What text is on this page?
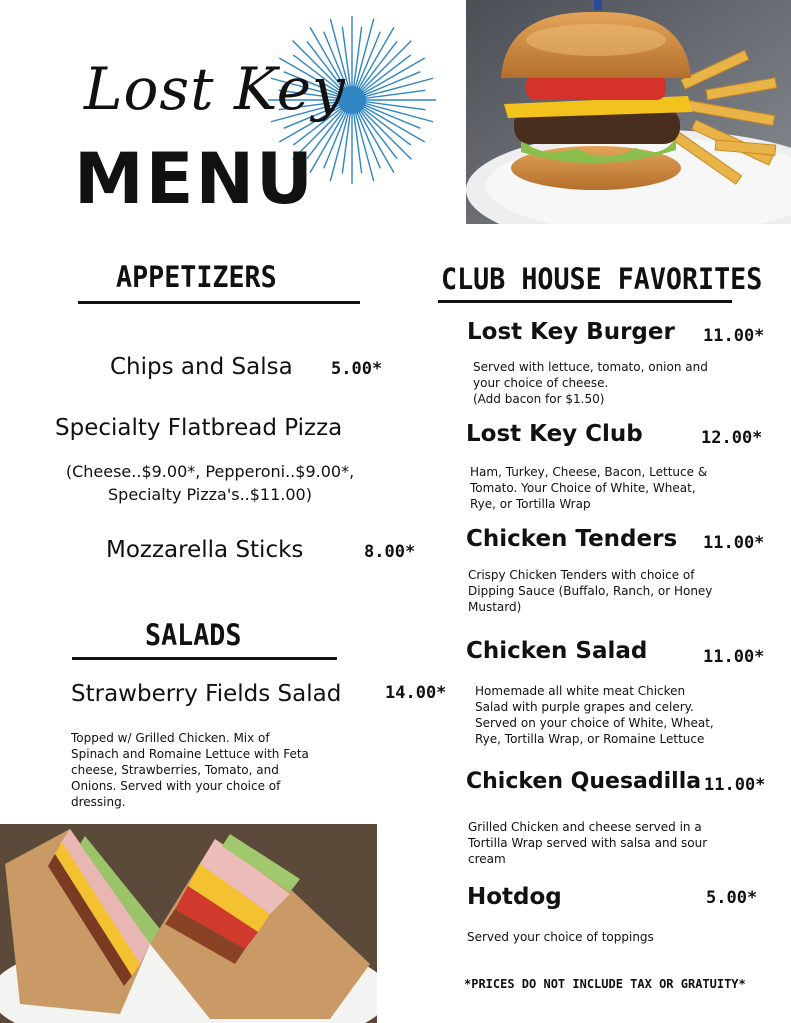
Lost Key
MENU
APPETIZERS
Chips and Salsa 5.00*
Specialty Flatbread Pizza
(Cheese..$9.00*, Pepperoni..$9.00*,
Specialty Pizza's..$11.00)
Mozzarella Sticks	8.00*
SALADS
Strawberry Fields Salad	14.00*
Topped w/ Grilled Chicken. Mix of
Spinach and Romaine Lettuce with Feta
cheese, Strawberries, Tomato, and
Onions. Served with your choice of
dressing.
CLUB HOUSE FAVORITES
Lost Key Burger 11.00*
Served with lettuce, tomato, onion and
your choice of cheese.
(Add bacon for $1.50)
Lost Key Club	12.00*
Ham, Turkey, Cheese, Bacon, Lettuce &
Tomato. Your Choice of White, Wheat,
Rye, or Tortilla Wrap
Chicken Tenders 11.00*
Crispy Chicken Tenders with choice of
Dipping Sauce (Buffalo, Ranch, or Honey
Mustard)
Chicken Salad	11.00*
Homemade all white meat Chicken
Salad with purple grapes and celery.
Served on your choice of White, Wheat,
Rye, Tortilla Wrap, or Romaine Lettuce
Chicken Quesadilla 11.00*
Grilled Chicken and cheese served in a
Tortilla Wrap served with salsa and sour
cream
Hotdog	5.00*
Served your choice of toppings
*PRICES DO NOT INCLUDE TAX OR GRATUITY*
